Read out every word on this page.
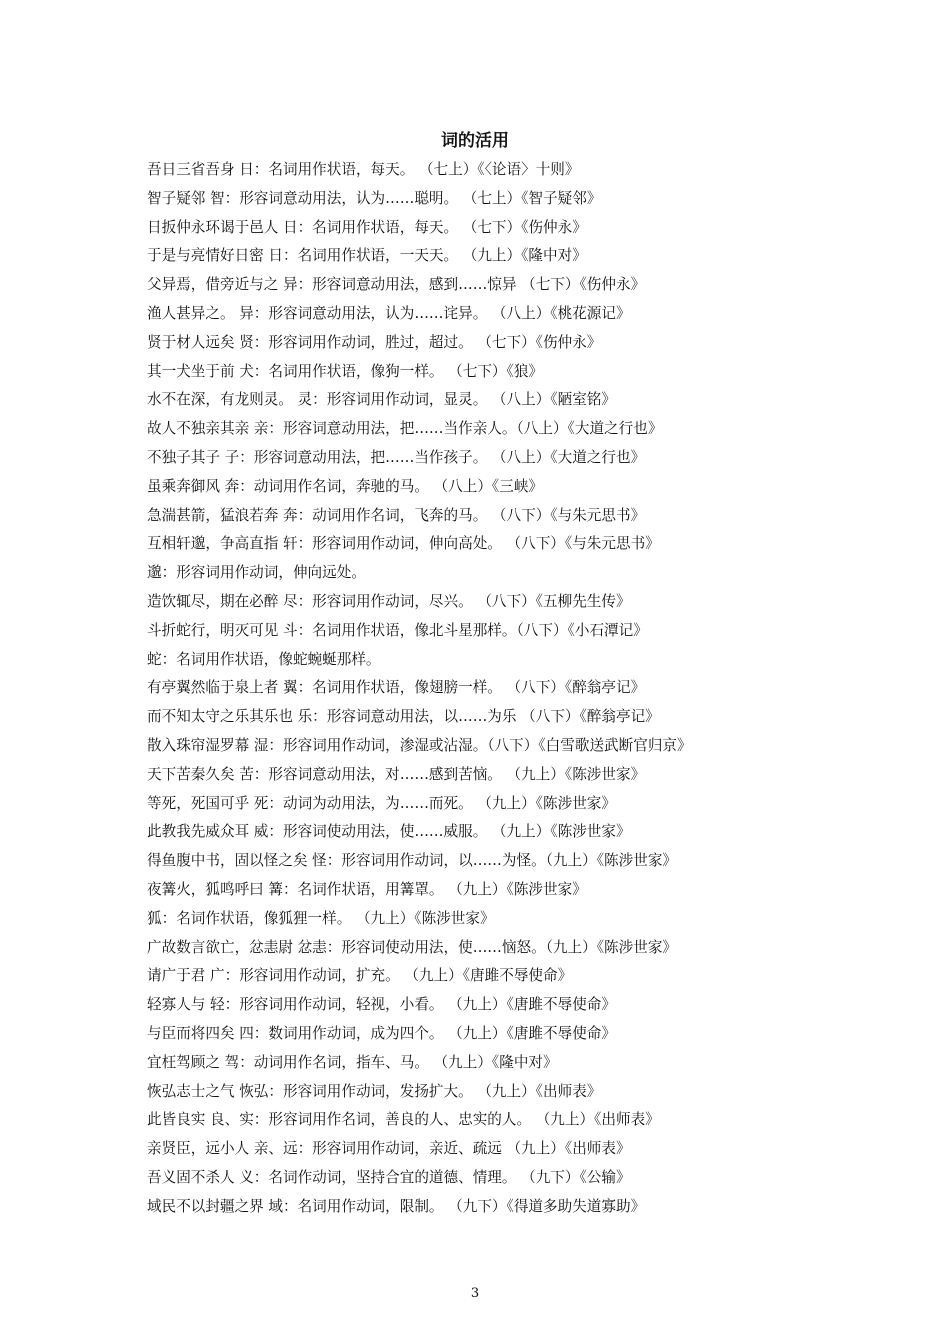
词的活用
吾日三省吾身 日：名词用作状语，每天。 （七上）《〈论语〉十则》
智子疑邻 智：形容词意动用法，认为……聪明。 （七上）《智子疑邻》
日扳仲永环谒于邑人 日：名词用作状语，每天。 （七下）《伤仲永》
于是与亮情好日密 日：名词用作状语，一天天。 （九上）《隆中对》
父异焉，借旁近与之 异：形容词意动用法，感到……惊异 （七下）《伤仲永》
渔人甚异之。 异：形容词意动用法，认为……诧异。 （八上）《桃花源记》
贤于材人远矣 贤：形容词用作动词，胜过，超过。 （七下）《伤仲永》
其一犬坐于前 犬：名词用作状语，像狗一样。 （七下）《狼》
水不在深，有龙则灵。 灵：形容词用作动词，显灵。 （八上）《陋室铭》
故人不独亲其亲 亲：形容词意动用法，把……当作亲人。（八上）《大道之行也》
不独子其子 子：形容词意动用法，把……当作孩子。 （八上）《大道之行也》
虽乘奔御风 奔：动词用作名词，奔驰的马。 （八上）《三峡》
急湍甚箭，猛浪若奔 奔：动词用作名词，飞奔的马。 （八下）《与朱元思书》
互相轩邈，争高直指 轩：形容词用作动词，伸向高处。 （八下）《与朱元思书》
邈：形容词用作动词，伸向远处。
造饮辄尽，期在必醉 尽：形容词用作动词，尽兴。 （八下）《五柳先生传》
斗折蛇行，明灭可见 斗：名词用作状语，像北斗星那样。（八下）《小石潭记》
蛇：名词用作状语，像蛇蜿蜒那样。
有亭翼然临于泉上者 翼：名词用作状语，像翅膀一样。 （八下）《醉翁亭记》
而不知太守之乐其乐也 乐：形容词意动用法，以……为乐 （八下）《醉翁亭记》
散入珠帘湿罗幕 湿：形容词用作动词，渗湿或沾湿。（八下）《白雪歌送武断官归京》
天下苦秦久矣 苦：形容词意动用法，对……感到苦恼。 （九上）《陈涉世家》
等死，死国可乎 死：动词为动用法，为……而死。 （九上）《陈涉世家》
此教我先威众耳 威：形容词使动用法，使……威服。 （九上）《陈涉世家》
得鱼腹中书，固以怪之矣 怪：形容词用作动词，以……为怪。（九上）《陈涉世家》
夜篝火，狐鸣呼曰 篝：名词作状语，用篝罩。 （九上）《陈涉世家》
狐：名词作状语，像狐狸一样。 （九上）《陈涉世家》
广故数言欲亡，忿恚尉 忿恚：形容词使动用法，使……恼怒。（九上）《陈涉世家》
请广于君 广：形容词用作动词，扩充。 （九上）《唐雎不辱使命》
轻寡人与 轻：形容词用作动词，轻视，小看。 （九上）《唐雎不辱使命》
与臣而将四矣 四：数词用作动词，成为四个。 （九上）《唐雎不辱使命》
宜枉驾顾之 驾：动词用作名词，指车、马。 （九上）《隆中对》
恢弘志士之气 恢弘：形容词用作动词，发扬扩大。 （九上）《出师表》
此皆良实 良、实：形容词用作名词，善良的人、忠实的人。 （九上）《出师表》
亲贤臣，远小人 亲、远：形容词用作动词，亲近、疏远 （九上）《出师表》
吾义固不杀人 义：名词作动词，坚持合宜的道德、情理。 （九下）《公输》
域民不以封疆之界 域：名词用作动词，限制。 （九下）《得道多助失道寡助》
3
